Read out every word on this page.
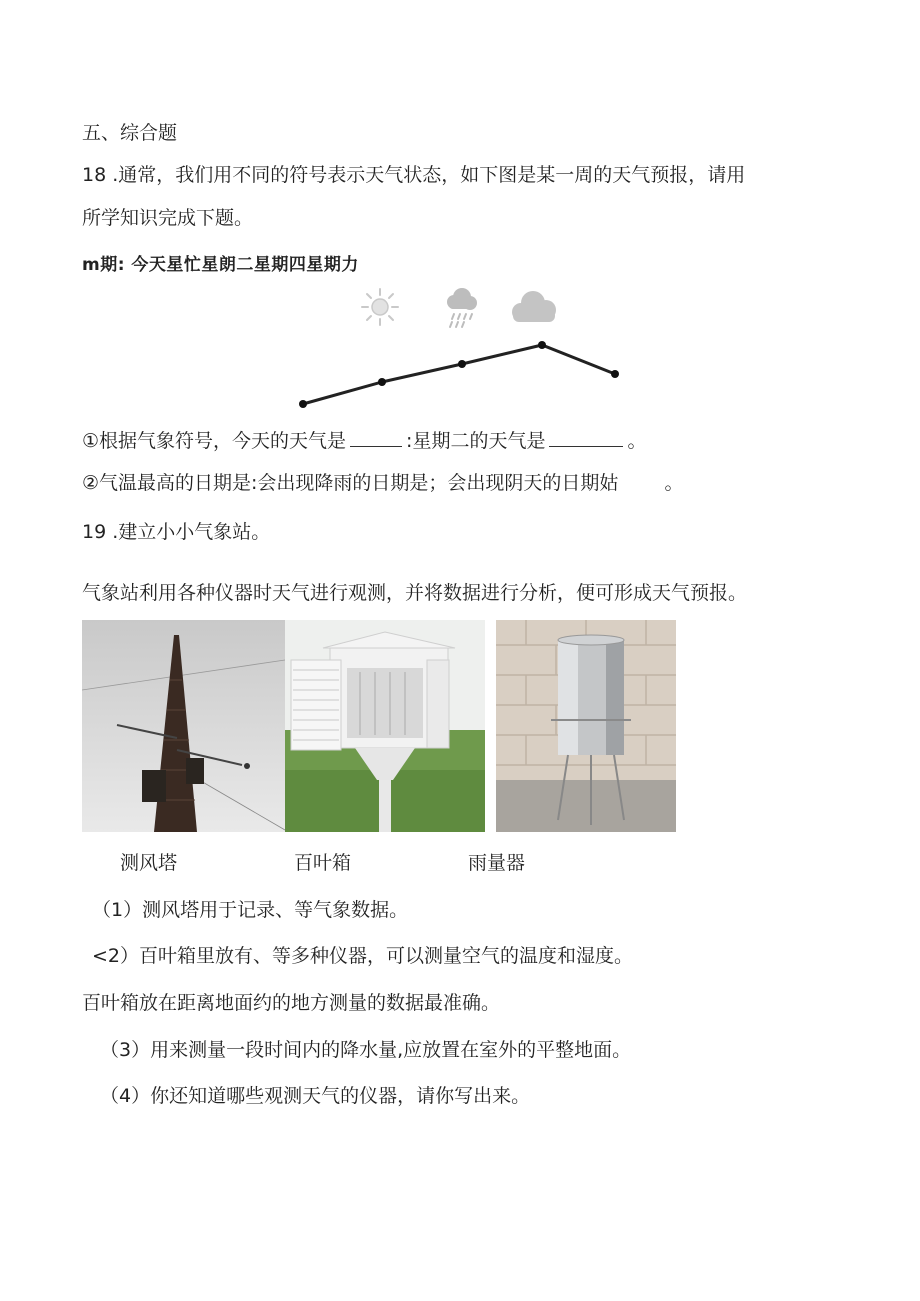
五、综合题
18 .通常，我们用不同的符号表示天气状态，如下图是某一周的天气预报，请用
所学知识完成下题。
m期: 今天星忙星朗二星期四星期力
①根据气象符号，今天的天气是	:星期二的天气是	。
②气温最高的日期是:会出现降雨的日期是；会出现阴天的日期姑 。
19 .建立小小气象站。
气象站利用各种仪器时天气进行观测，并将数据进行分析，便可形成天气预报。
测风塔	百叶箱	雨量器
（1）测风塔用于记录、等气象数据。
<2）百叶箱里放有、等多种仪器，可以测量空气的温度和湿度。
百叶箱放在距离地面约的地方测量的数据最准确。
（3）用来测量一段时间内的降水量,应放置在室外的平整地面。
（4）你还知道哪些观测天气的仪器，请你写出来。
